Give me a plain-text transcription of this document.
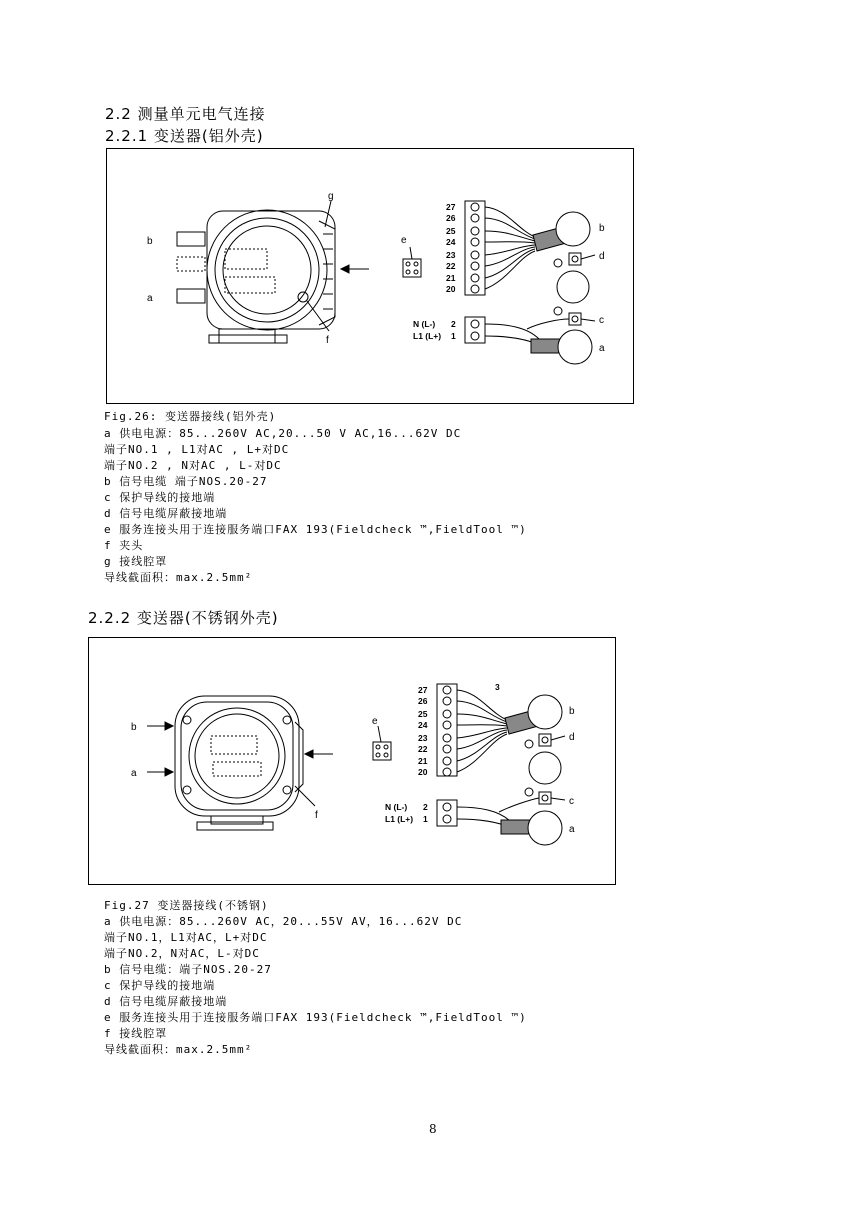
2.2 测量单元电气连接
2.2.1 变送器(铝外壳)
g
b
a
f
e
b
d
c
a
27
26
25
24
23
22
21
20
N (L-)
L1 (L+)
2
1
Fig.26: 变送器接线(铝外壳)
a 供电电源：85...260V AC,20...50 V AC,16...62V DC
端子NO.1 , L1对AC , L+对DC
端子NO.2 , N对AC , L-对DC
b 信号电缆 端子NOS.20-27
c 保护导线的接地端
d 信号电缆屏蔽接地端
e 服务连接头用于连接服务端口FAX 193(Fieldcheck ™,FieldTool ™)
f 夹头
g 接线腔罩
导线截面积：max.2.5mm²
2.2.2 变送器(不锈钢外壳)
b
a
f
e
3
b
d
c
a
27
26
25
24
23
22
21
20
N (L-)
L1 (L+)
2
1
Fig.27 变送器接线(不锈钢)
a 供电电源：85...260V AC，20...55V AV，16...62V DC
端子NO.1，L1对AC，L+对DC
端子NO.2，N对AC，L-对DC
b 信号电缆：端子NOS.20-27
c 保护导线的接地端
d 信号电缆屏蔽接地端
e 服务连接头用于连接服务端口FAX 193(Fieldcheck ™,FieldTool ™)
f 接线腔罩
导线截面积：max.2.5mm²
8
